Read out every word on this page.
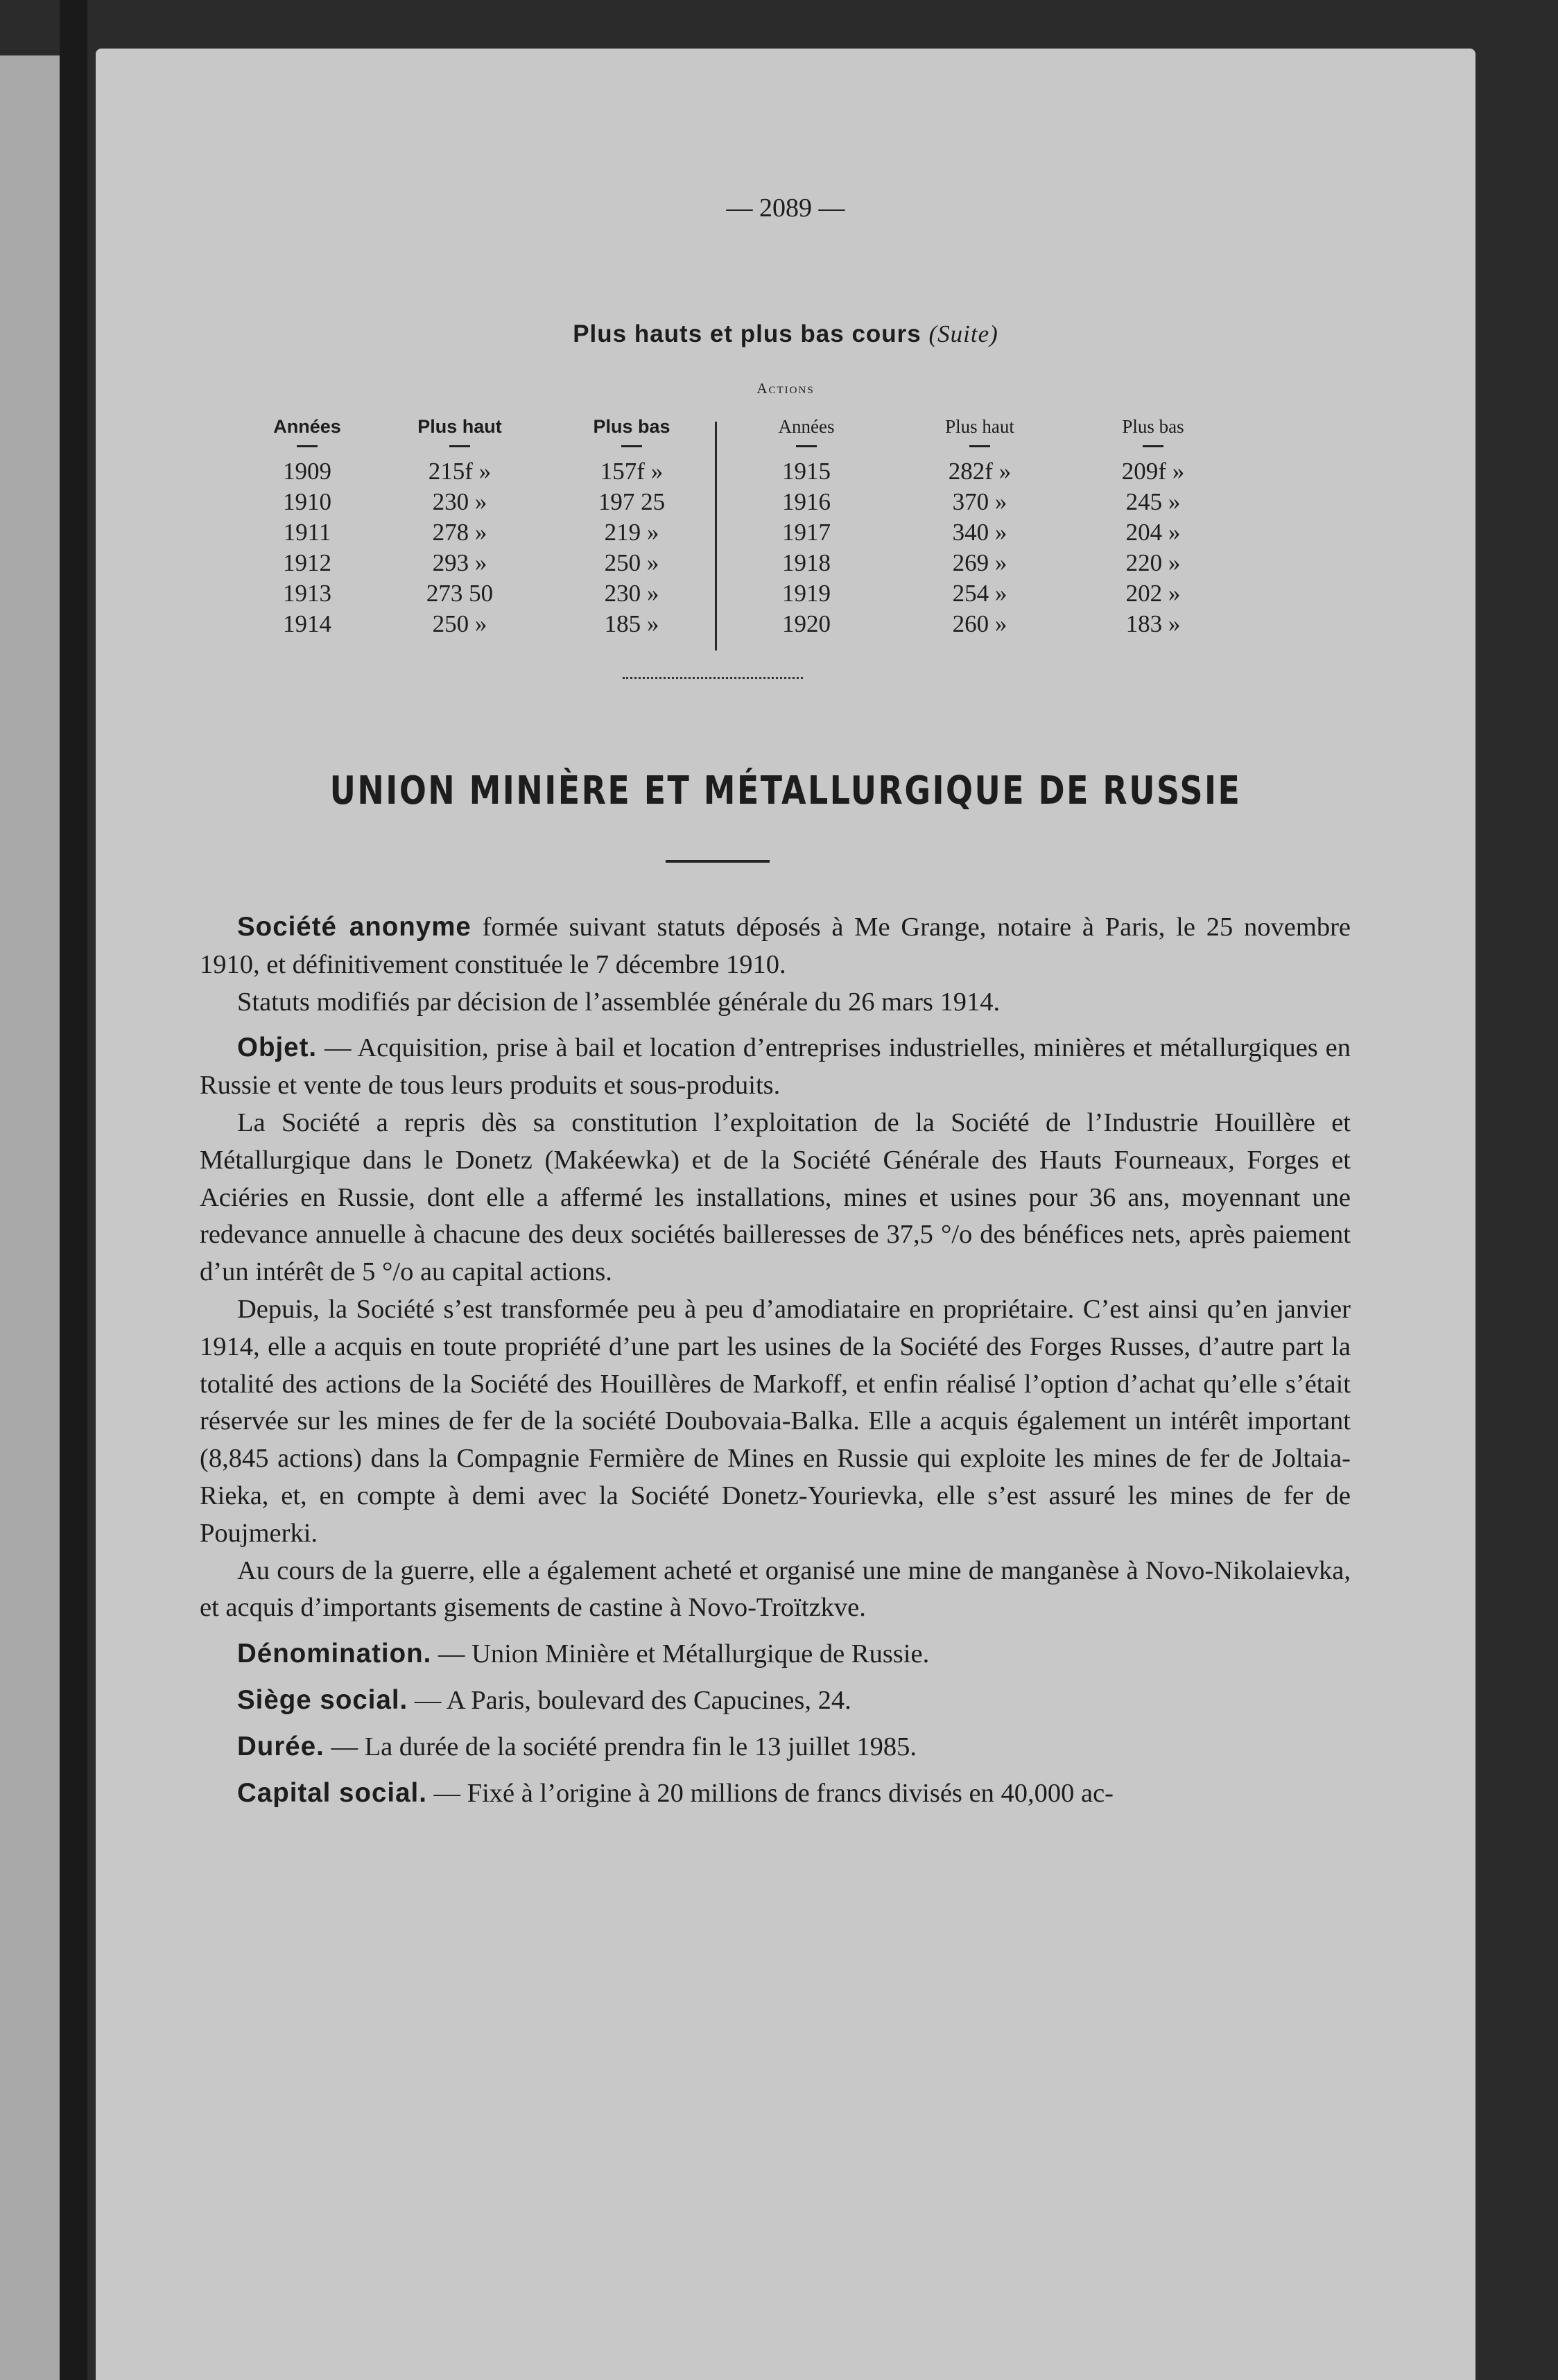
— 2089 —
Plus hauts et plus bas cours (Suite)
Actions
Années
1909
1910
1911
1912
1913
1914
Plus haut
215f »
230 »
278 »
293 »
273 50
250 »
Plus bas
157f »
197 25
219 »
250 »
230 »
185 »
Années
1915
1916
1917
1918
1919
1920
Plus haut
282f »
370 »
340 »
269 »
254 »
260 »
Plus bas
209f »
245 »
204 »
220 »
202 »
183 »
UNION MINIÈRE ET MÉTALLURGIQUE DE RUSSIE

Société anonyme formée suivant statuts déposés à Me Grange, notaire à Paris, le 25 novembre 1910, et définitivement constituée le 7 décembre 1910.

Statuts modifiés par décision de l’assemblée générale du 26 mars 1914.

Objet. — Acquisition, prise à bail et location d’entreprises industrielles, minières et métallurgiques en Russie et vente de tous leurs produits et sous-produits.

La Société a repris dès sa constitution l’exploitation de la Société de l’Industrie Houillère et Métallurgique dans le Donetz (Makéewka) et de la Société Générale des Hauts Fourneaux, Forges et Aciéries en Russie, dont elle a affermé les installations, mines et usines pour 36 ans, moyennant une redevance annuelle à chacune des deux sociétés bailleresses de 37,5 °/o des bénéfices nets, après paiement d’un intérêt de 5 °/o au capital actions.

Depuis, la Société s’est transformée peu à peu d’amodiataire en propriétaire. C’est ainsi qu’en janvier 1914, elle a acquis en toute propriété d’une part les usines de la Société des Forges Russes, d’autre part la totalité des actions de la Société des Houillères de Markoff, et enfin réalisé l’option d’achat qu’elle s’était réservée sur les mines de fer de la société Doubovaia-Balka. Elle a acquis également un intérêt important (8,845 actions) dans la Compagnie Fermière de Mines en Russie qui exploite les mines de fer de Joltaia-Rieka, et, en compte à demi avec la Société Donetz-Yourievka, elle s’est assuré les mines de fer de Poujmerki.

Au cours de la guerre, elle a également acheté et organisé une mine de manganèse à Novo-Nikolaievka, et acquis d’importants gisements de castine à Novo-Troïtzkve.

Dénomination. — Union Minière et Métallurgique de Russie.

Siège social. — A Paris, boulevard des Capucines, 24.

Durée. — La durée de la société prendra fin le 13 juillet 1985.

Capital social. — Fixé à l’origine à 20 millions de francs divisés en 40,000 ac-
